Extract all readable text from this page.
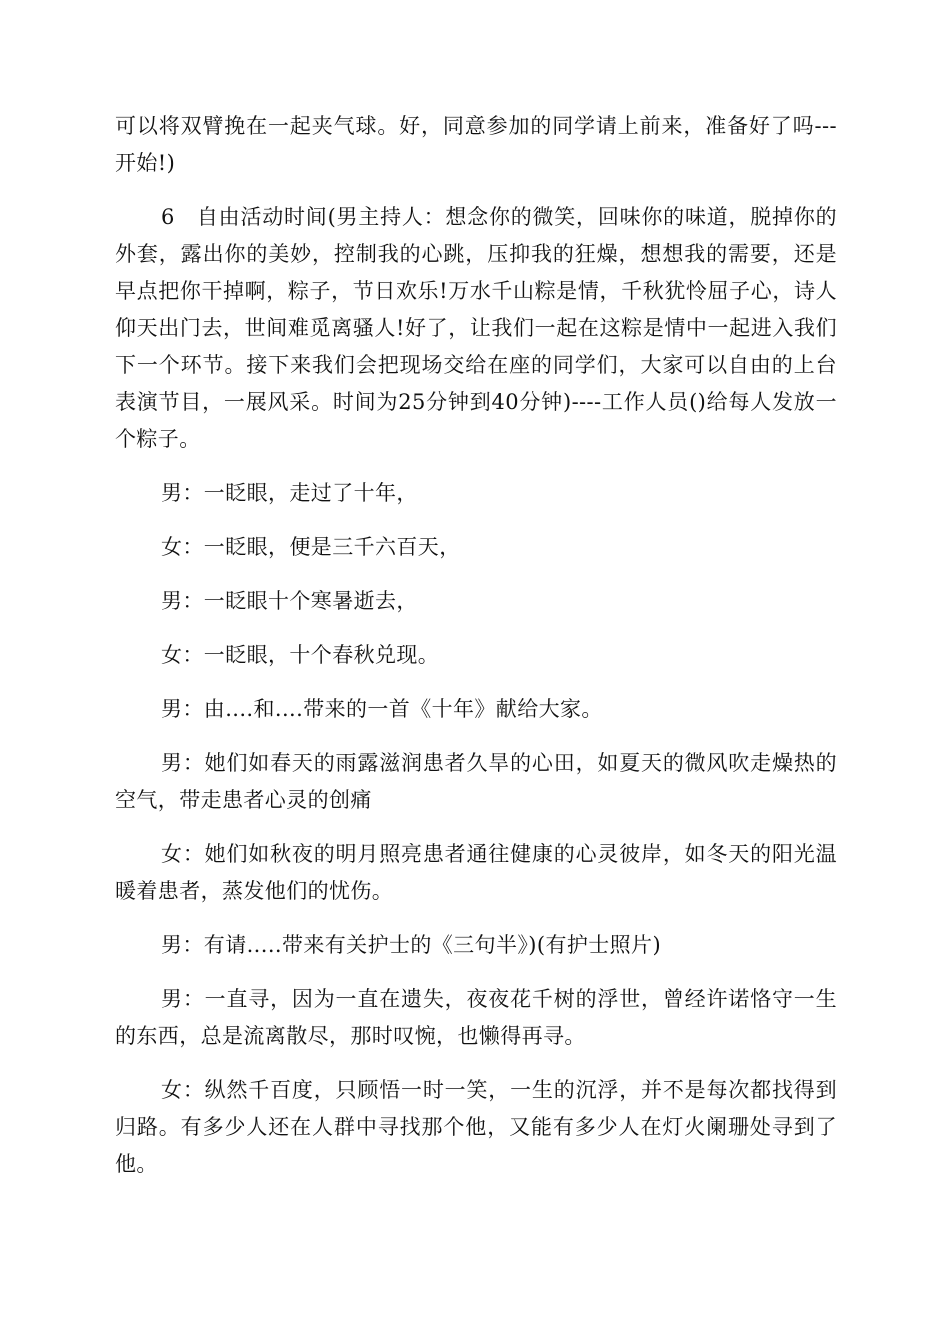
可以将双臂挽在一起夹气球。好，同意参加的同学请上前来，准备好了吗---开始!)

6　自由活动时间(男主持人：想念你的微笑，回味你的味道，脱掉你的外套，露出你的美妙，控制我的心跳，压抑我的狂燥，想想我的需要，还是早点把你干掉啊，粽子，节日欢乐!万水千山粽是情，千秋犹怜屈子心，诗人仰天出门去，世间难觅离骚人!好了，让我们一起在这粽是情中一起进入我们下一个环节。接下来我们会把现场交给在座的同学们，大家可以自由的上台表演节目，一展风采。时间为25分钟到40分钟)----工作人员()给每人发放一个粽子。

男：一眨眼，走过了十年，

女：一眨眼，便是三千六百天，

男：一眨眼十个寒暑逝去，

女：一眨眼，十个春秋兑现。

男：由....和....带来的一首《十年》献给大家。

男：她们如春天的雨露滋润患者久旱的心田，如夏天的微风吹走燥热的空气，带走患者心灵的创痛

女：她们如秋夜的明月照亮患者通往健康的心灵彼岸，如冬天的阳光温暖着患者，蒸发他们的忧伤。

男：有请.....带来有关护士的《三句半》)(有护士照片)

男：一直寻，因为一直在遗失，夜夜花千树的浮世，曾经许诺恪守一生的东西，总是流离散尽，那时叹惋，也懒得再寻。

女：纵然千百度，只顾悟一时一笑，一生的沉浮，并不是每次都找得到归路。有多少人还在人群中寻找那个他，又能有多少人在灯火阑珊处寻到了他。
